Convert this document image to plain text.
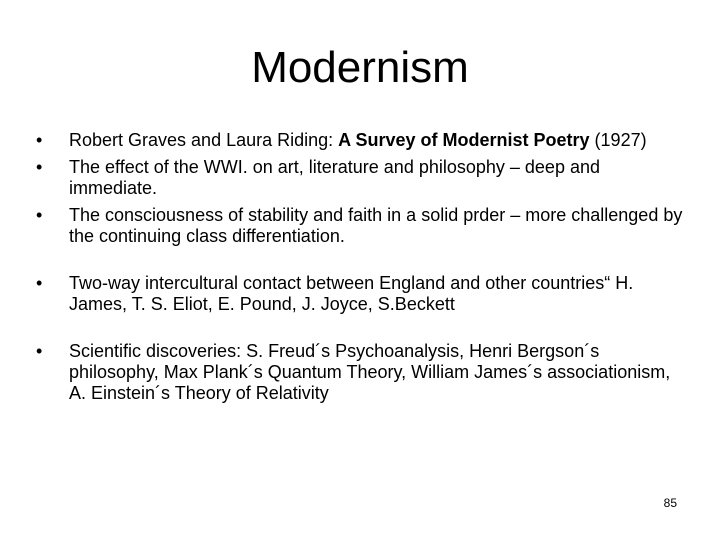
Modernism
•	Robert Graves and Laura Riding: A Survey of Modernist Poetry (1927)
•	The effect of the WWI. on art, literature and philosophy – deep and immediate.
•	The consciousness of stability and faith in a solid prder – more challenged by the continuing class differentiation.
•	Two-way intercultural contact between England and other countries“ H. James, T. S. Eliot, E. Pound, J. Joyce, S.Beckett
•	Scientific discoveries: S. Freud´s Psychoanalysis, Henri Bergson´s philosophy, Max Plank´s Quantum Theory, William James´s associationism, A. Einstein´s Theory of Relativity
85
